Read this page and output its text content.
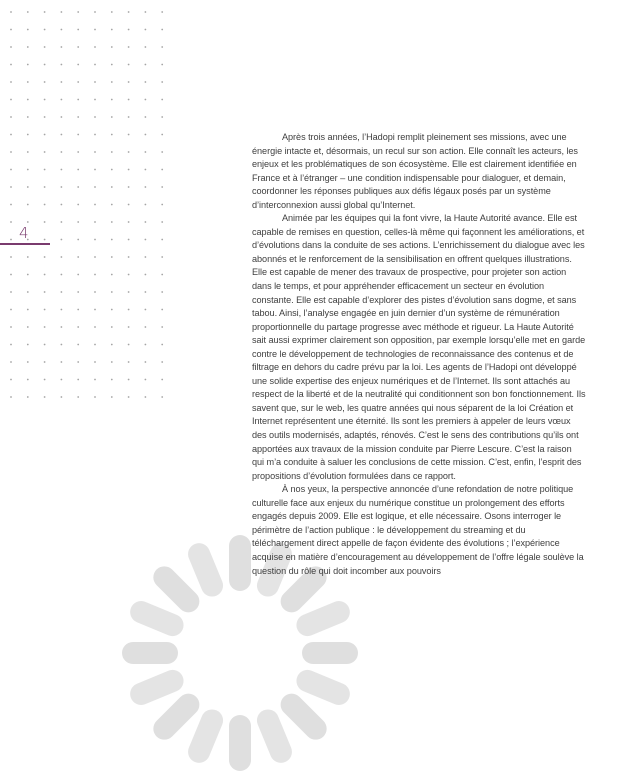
4

Après trois années, l’Hadopi remplit pleinement ses missions, avec une énergie intacte et, désormais, un recul sur son action. Elle connaît les acteurs, les enjeux et les problématiques de son écosystème. Elle est clairement identifiée en France et à l’étranger – une condition indispensable pour dialoguer, et demain, coordonner les réponses publiques aux défis légaux posés par un système d’interconnexion aussi global qu’Internet.

Animée par les équipes qui la font vivre, la Haute Autorité avance. Elle est capable de remises en question, celles-là même qui façonnent les améliorations, et d’évolutions dans la conduite de ses actions. L’enrichissement du dialogue avec les abonnés et le renforcement de la sensibilisation en offrent quelques illustrations. Elle est capable de mener des travaux de prospective, pour projeter son action dans le temps, et pour appréhender efficacement un secteur en évolution constante. Elle est capable d’explorer des pistes d’évolution sans dogme, et sans tabou. Ainsi, l’analyse engagée en juin dernier d’un système de rémunération proportionnelle du partage progresse avec méthode et rigueur. La Haute Autorité sait aussi exprimer clairement son opposition, par exemple lorsqu’elle met en garde contre le développement de technologies de reconnaissance des contenus et de filtrage en dehors du cadre prévu par la loi. Les agents de l’Hadopi ont développé une solide expertise des enjeux numériques et de l’Internet. Ils sont attachés au respect de la liberté et de la neutralité qui conditionnent son bon fonctionnement. Ils savent que, sur le web, les quatre années qui nous séparent de la loi Création et Internet représentent une éternité. Ils sont les premiers à appeler de leurs vœux des outils modernisés, adaptés, rénovés. C’est le sens des contributions qu’ils ont apportées aux travaux de la mission conduite par Pierre Lescure. C’est la raison qui m’a conduite à saluer les conclusions de cette mission. C’est, enfin, l’esprit des propositions d’évolution formulées dans ce rapport.

À nos yeux, la perspective annoncée d’une refondation de notre politique culturelle face aux enjeux du numérique constitue un prolongement des efforts engagés depuis 2009. Elle est logique, et elle nécessaire. Osons interroger le périmètre de l’action publique : le développement du streaming et du téléchargement direct appelle de façon évidente des évolutions ; l’expérience acquise en matière d’encouragement au développement de l’offre légale soulève la question du rôle qui doit incomber aux pouvoirs
